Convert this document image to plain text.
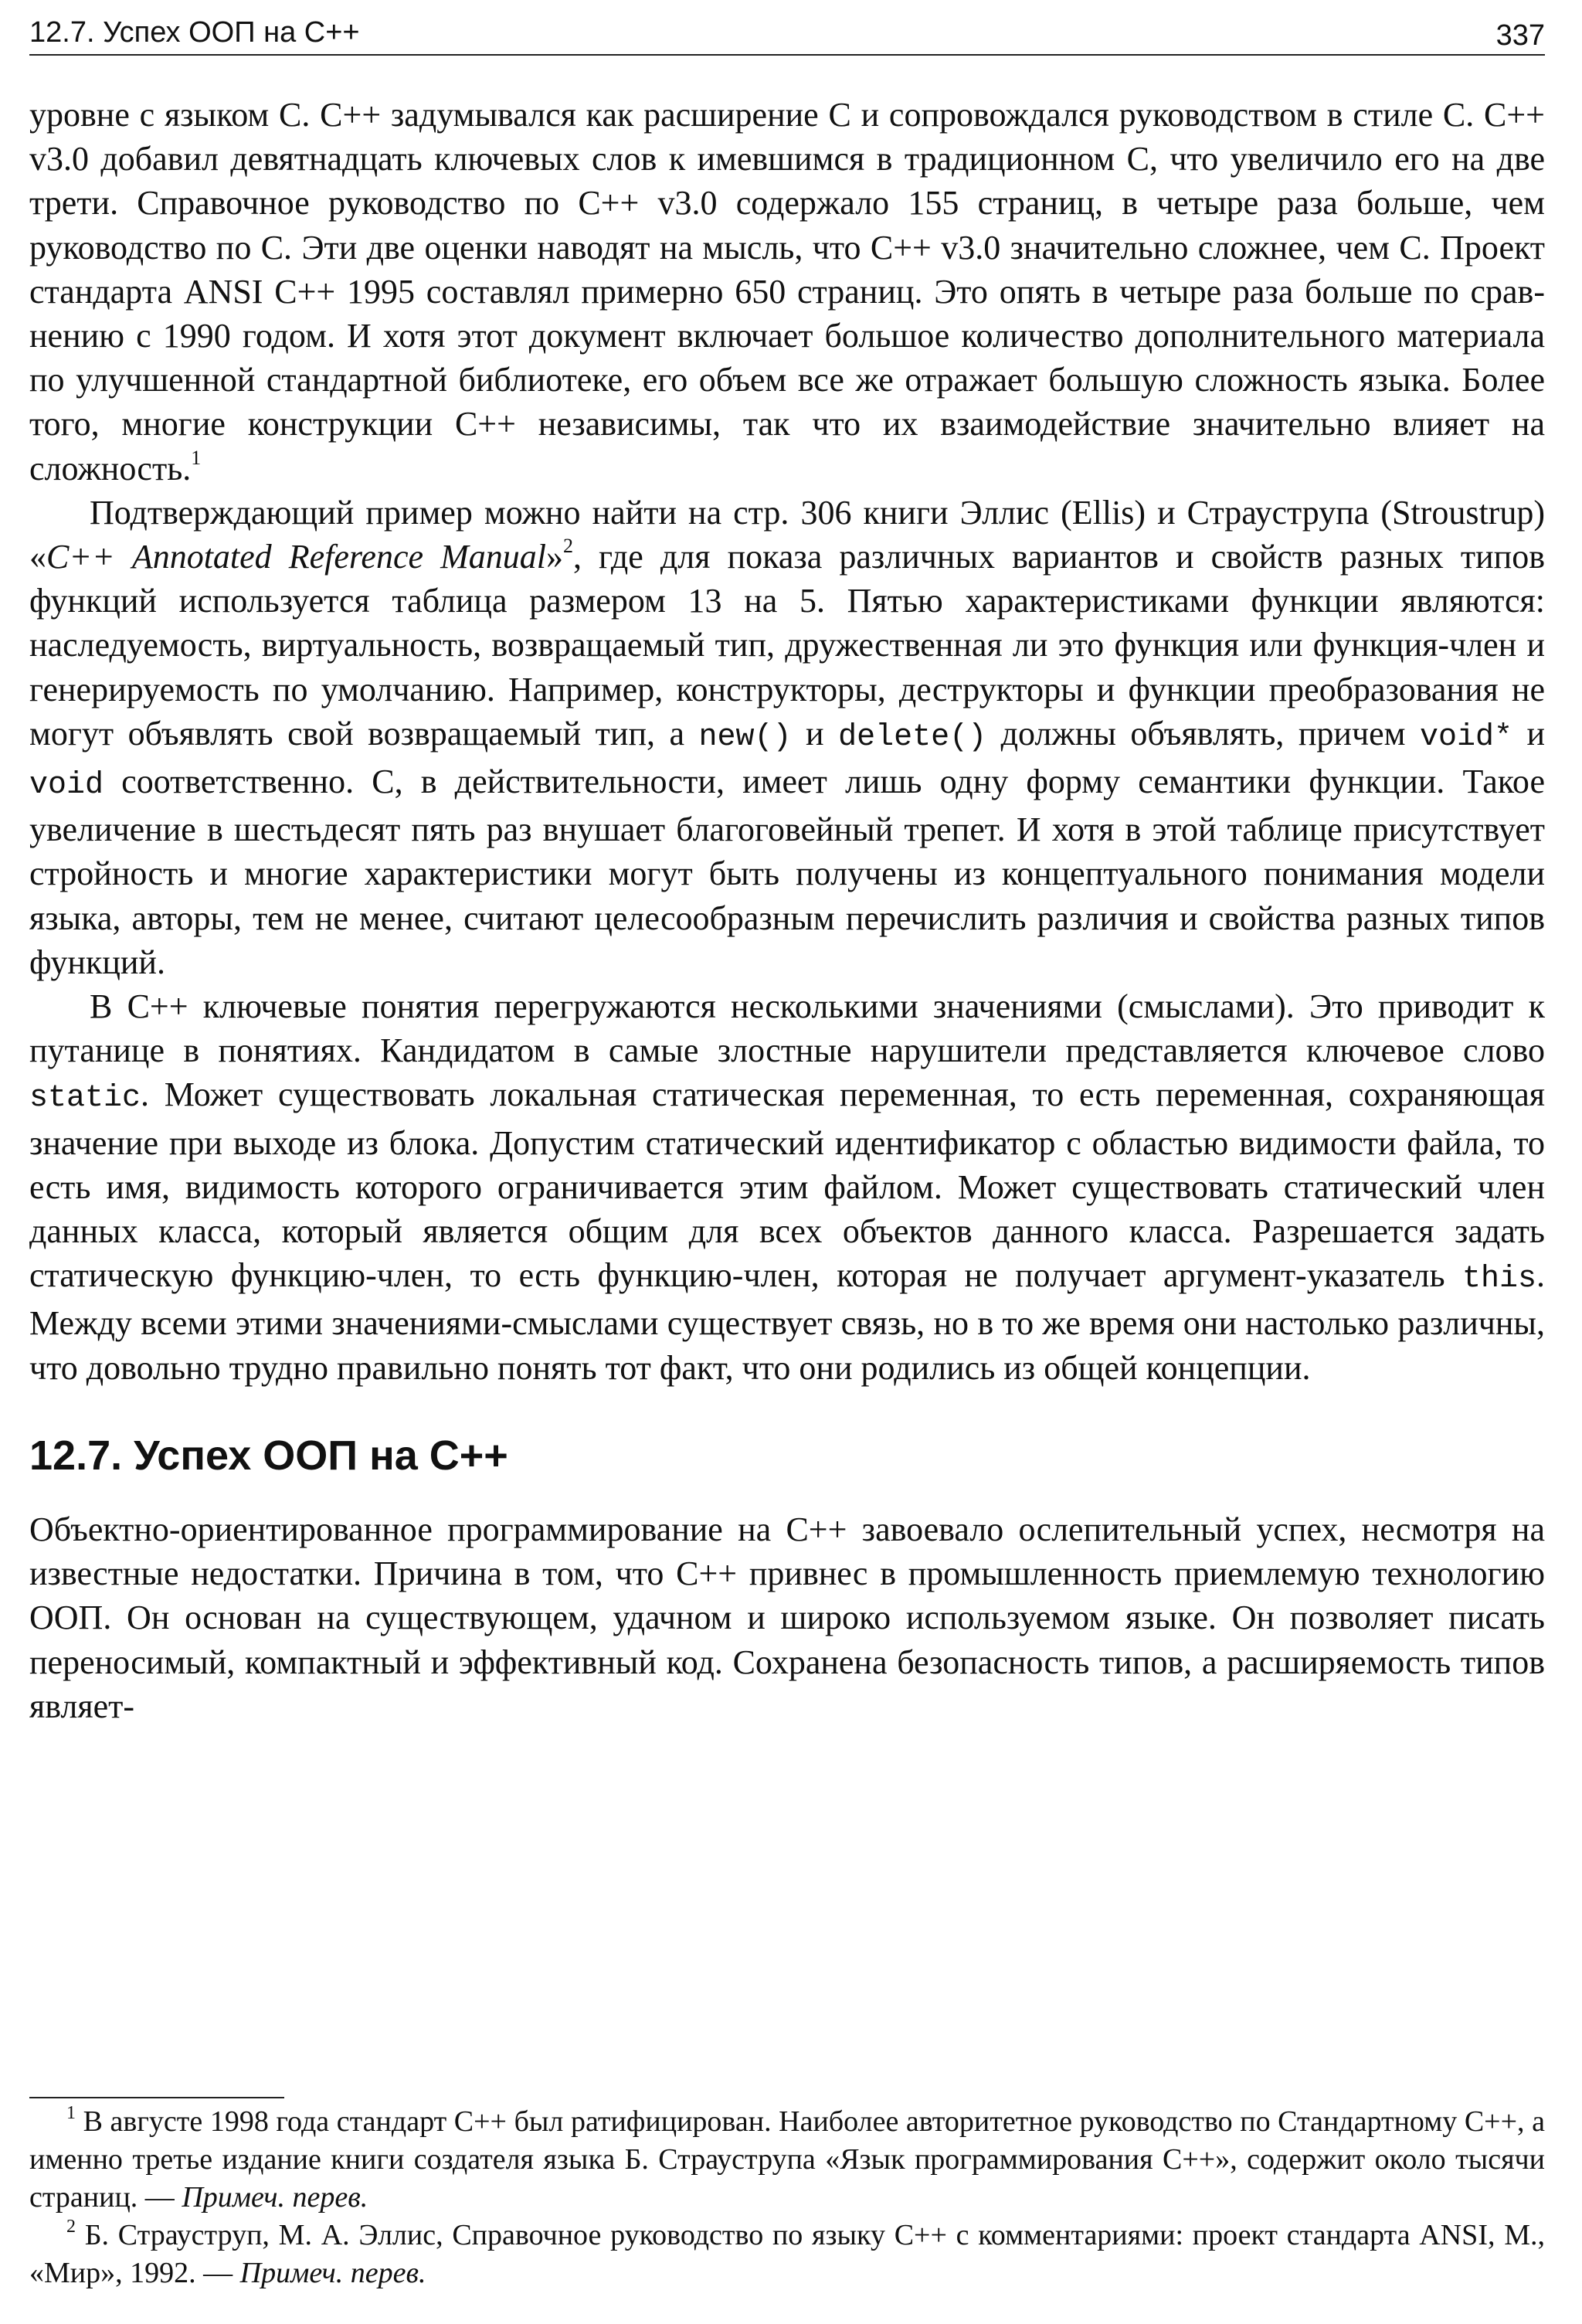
12.7. Успех ООП на С++	337

уровне с языком С. С++ задумывался как расширение С и сопровождался руководством в стиле С. С++ v3.0 добавил девятнадцать ключевых слов к имевшимся в традиционном С, что увеличило его на две трети. Справочное руководство по С++ v3.0 содержало 155 страниц, в четыре раза больше, чем руководство по С. Эти две оценки наводят на мысль, что С++ v3.0 значительно сложнее, чем С. Проект стандарта ANSI С++ 1995 составлял примерно 650 страниц. Это опять в четыре раза больше по сравнению с 1990 годом. И хотя этот документ включает большое количество дополнительного материала по улучшенной стандартной библиотеке, его объем все же отражает большую сложность языка. Более того, многие конструкции С++ независимы, так что их взаимодействие значительно влияет на сложность.$^1$

Подтверждающий пример можно найти на стр. 306 книги Эллис (Ellis) и Страуструпа (Stroustrup) «С++ Annotated Reference Manual»$^2$, где для показа различных вариантов и свойств разных типов функций используется таблица размером 13 на 5. Пятью характеристиками функции являются: наследуемость, виртуальность, возвращаемый тип, дружественная ли это функция или функция-член и генерируемость по умолчанию. Например, конструкторы, деструкторы и функции преобразования не могут объявлять свой возвращаемый тип, а new() и delete() должны объявлять, причем void* и void соответственно. С, в действительности, имеет лишь одну форму семантики функции. Такое увеличение в шестьдесят пять раз внушает благоговейный трепет. И хотя в этой таблице присутствует стройность и многие характеристики могут быть получены из концептуального понимания модели языка, авторы, тем не менее, считают целесообразным перечислить различия и свойства разных типов функций.

В С++ ключевые понятия перегружаются несколькими значениями (смыслами). Это приводит к путанице в понятиях. Кандидатом в самые злостные нарушители представляется ключевое слово static. Может существовать локальная статическая переменная, то есть переменная, сохраняющая значение при выходе из блока. Допустим статический идентификатор с областью видимости файла, то есть имя, видимость которого ограничивается этим файлом. Может существовать статический член данных класса, который является общим для всех объектов данного класса. Разрешается задать статическую функцию-член, то есть функцию-член, которая не получает аргумент-указатель this. Между всеми этими значениями-смыслами существует связь, но в то же время они настолько различны, что довольно трудно правильно понять тот факт, что они родились из общей концепции.

12.7. Успех ООП на С++

Объектно-ориентированное программирование на С++ завоевало ослепительный успех, несмотря на известные недостатки. Причина в том, что С++ привнес в промышленность приемлемую технологию ООП. Он основан на существующем, удачном и широко используемом языке. Он позволяет писать переносимый, компактный и эффективный код. Сохранена безопасность типов, а расширяемость типов являет-

$^1$ В августе 1998 года стандарт С++ был ратифицирован. Наиболее авторитетное руководство по Стандартному С++, а именно третье издание книги создателя языка Б. Страуструпа «Язык программирования С++», содержит около тысячи страниц. — Примеч. перев.

$^2$ Б. Страуструп, М. А. Эллис, Справочное руководство по языку С++ с комментариями: проект стандарта ANSI, М., «Мир», 1992. — Примеч. перев.
